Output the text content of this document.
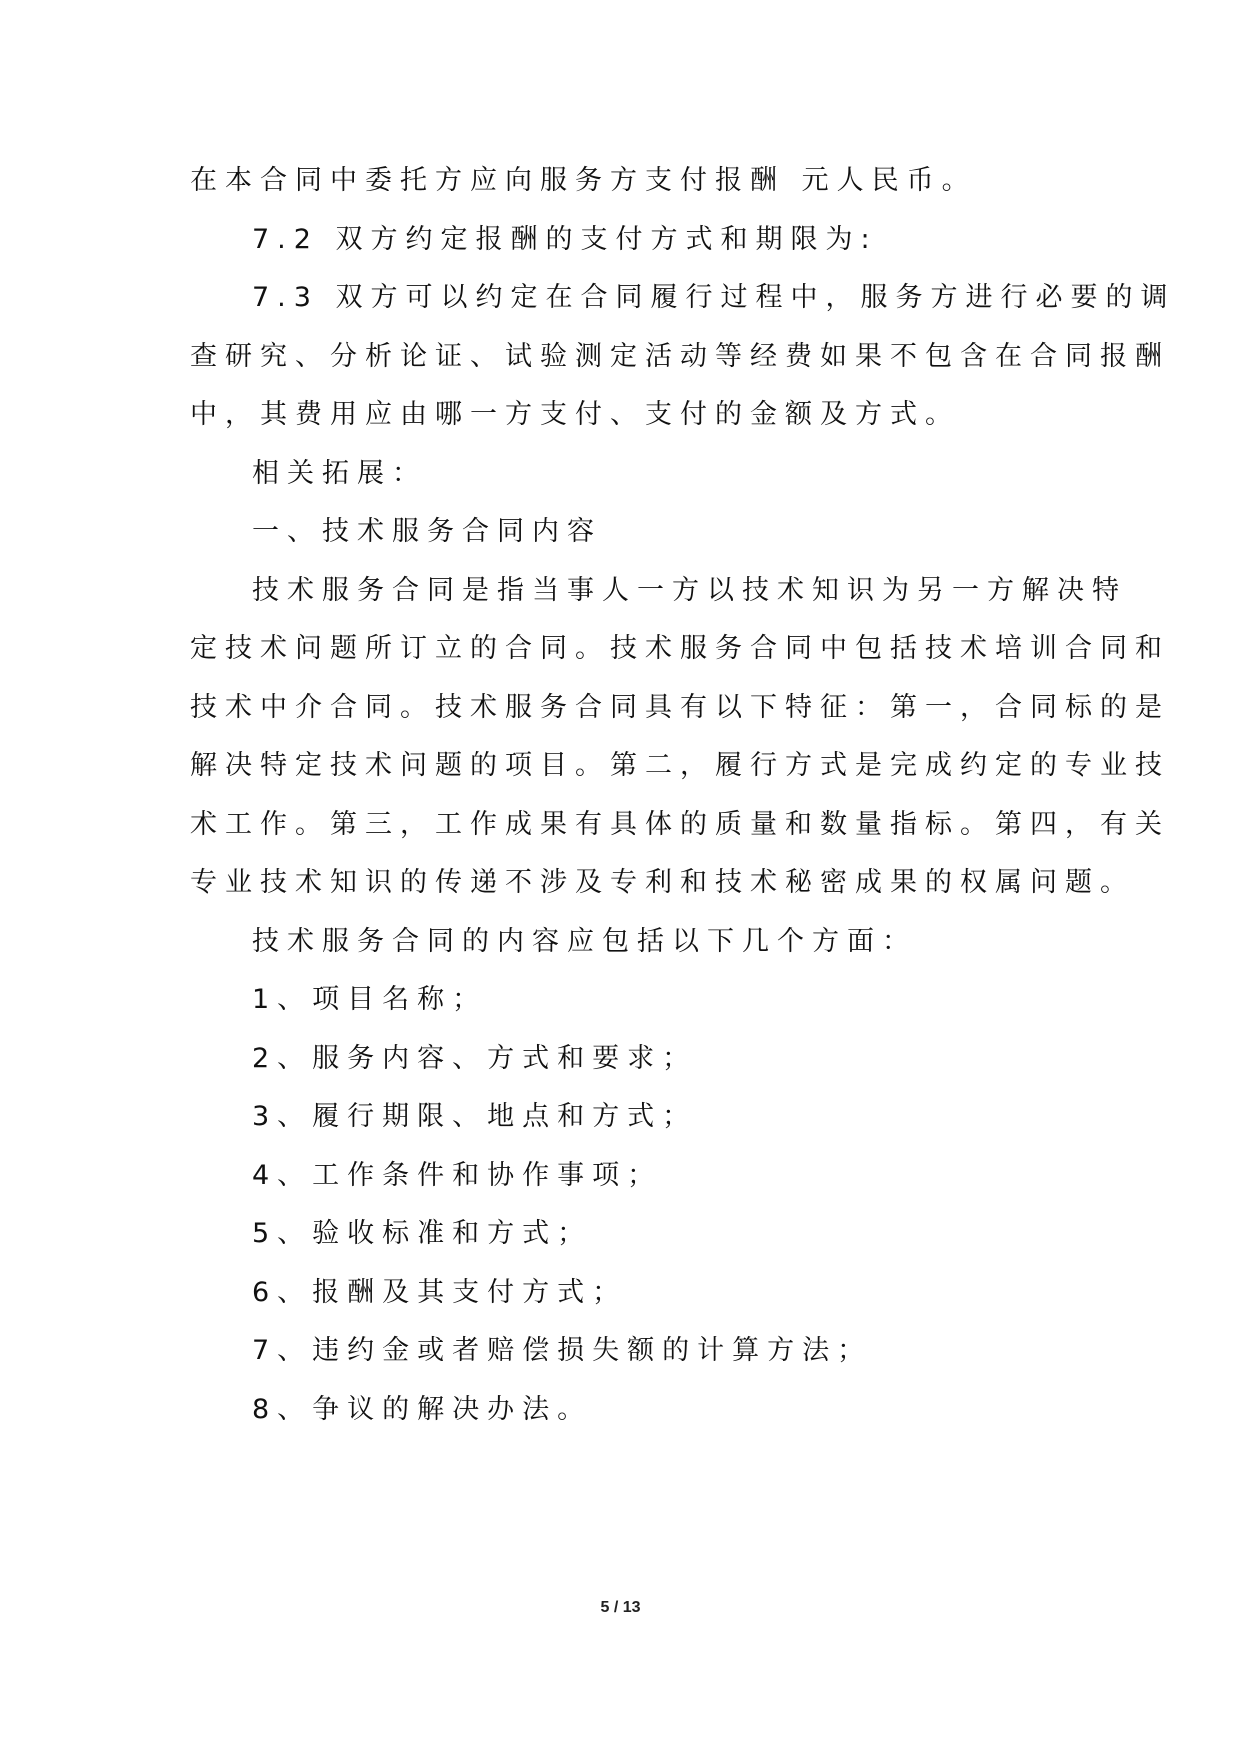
在本合同中委托方应向服务方支付报酬 元人民币。
7.2 双方约定报酬的支付方式和期限为:
7.3 双方可以约定在合同履行过程中，服务方进行必要的调
查研究、分析论证、试验测定活动等经费如果不包含在合同报酬
中，其费用应由哪一方支付、支付的金额及方式。
相关拓展：
一、技术服务合同内容
技术服务合同是指当事人一方以技术知识为另一方解决特
定技术问题所订立的合同。技术服务合同中包括技术培训合同和
技术中介合同。技术服务合同具有以下特征：第一，合同标的是
解决特定技术问题的项目。第二，履行方式是完成约定的专业技
术工作。第三，工作成果有具体的质量和数量指标。第四，有关
专业技术知识的传递不涉及专利和技术秘密成果的权属问题。
技术服务合同的内容应包括以下几个方面：
1、项目名称；
2、服务内容、方式和要求；
3、履行期限、地点和方式；
4、工作条件和协作事项；
5、验收标准和方式；
6、报酬及其支付方式；
7、违约金或者赔偿损失额的计算方法；
8、争议的解决办法。
5 / 13
